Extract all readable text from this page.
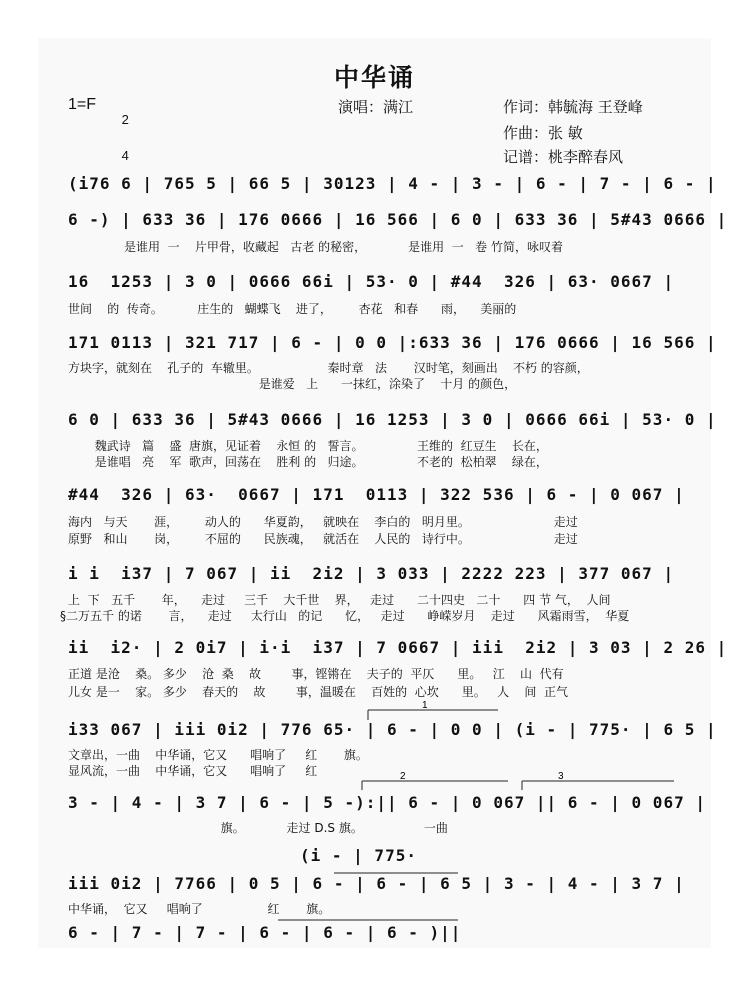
中华诵
1=F

2

4

演唱：满江	作词：韩毓海 王登峰
作曲：张 敏
记谱：桃李醉春风
(i76 6 | 765 5 | 66 5 | 30123 | 4 - | 3 - | 6 - | 7 - | 6 - |
6 -) | 633 36 | 176 0666 | 16 566 | 6 0 | 633 36 | 5#43 0666 |
是谁用  一    片甲骨，收藏起   古老 的秘密，           是谁用  一   卷 竹简，咏叹着
16  1253 | 3 0 | 0666 66i | 53· 0 | #44  326 | 63· 0667 |
世间    的  传奇。         庄生的   蝴蝶飞    进了，       杏花   和春      雨，    美丽的
171 0113 | 321 717 | 6 - | 0 0 |:633 36 | 176 0666 | 16 566 |
方块字，就刻在    孔子的  车辙里。                  秦时章   法       汉时笔，刻画出    不朽 的容颜，
是谁爱   上      一抹红，涂染了    十月 的颜色，
6 0 | 633 36 | 5#43 0666 | 16 1253 | 3 0 | 0666 66i | 53· 0 |
魏武诗   篇    盛  唐旗，见证着    永恒 的   誓言。              王维的  红豆生    长在，
是谁唱   亮    军  歌声，回荡在    胜利 的   归途。              不老的  松柏翠    绿在，
#44  326 | 63·  0667 | 171  0113 | 322 536 | 6 - | 0 067 |
海内   与天       涯，       动人的      华夏韵，   就映在    李白的   明月里。                      走过
原野   和山       岗，       不屈的      民族魂，   就活在    人民的   诗行中。                      走过
i i  i37 | 7 067 | ii  2i2 | 3 033 | 2222 223 | 377 067 |
上  下   五千       年，    走过     三千    大千世    界，   走过      二十四史   二十      四 节 气，  人间
§二万五千 的诺       言，    走过     太行山   的记      忆，   走过      峥嵘岁月    走过      风霜雨雪，  华夏
ii  i2· | 2 0i7 | i·i  i37 | 7 0667 | iii  2i2 | 3 03 | 2 26 |
正道 是沧    桑。 多少    沧  桑    故        事，铿锵在    夫子的  平仄      里。   江    山  代有
儿女 是一    家。 多少    春天的    故        事，温暖在    百姓的  心坎      里。   人    间  正气
i33 067 | iii 0i2 | 776 65· | 6 - | 0 0 | (i - | 775· | 6 5 |
文章出，一曲    中华诵，它又      唱响了     红       旗。
显风流，一曲    中华诵，它又      唱响了     红
1
2	3
3 - | 4 - | 3 7 | 6 - | 5 -):|| 6 - | 0 067 || 6 - | 0 067 |
旗。           走过 D.S 旗。                一曲
(i - | 775·
iii 0i2 | 7766 | 0 5 | 6 - | 6 - | 6 5 | 3 - | 4 - | 3 7 |
中华诵，  它又     唱响了                 红       旗。
6 - | 7 - | 7 - | 6 - | 6 - | 6 - )||
